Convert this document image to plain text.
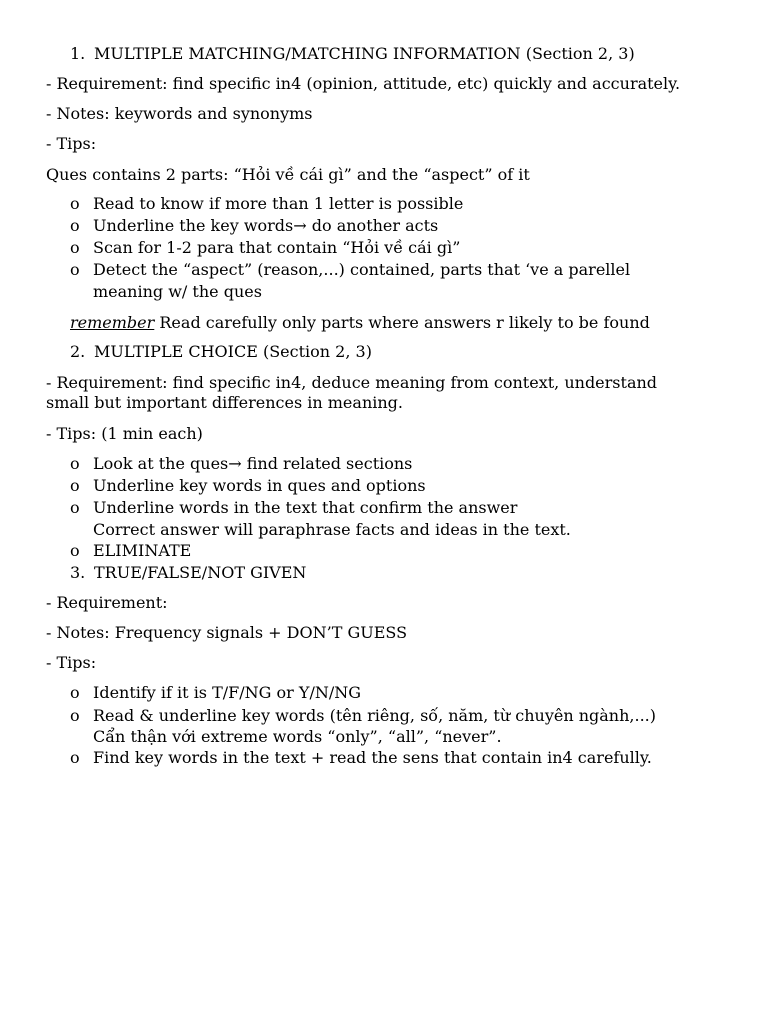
1. MULTIPLE MATCHING/MATCHING INFORMATION (Section 2, 3)
- Requirement: find specific in4 (opinion, attitude, etc) quickly and accurately.
- Notes: keywords and synonyms
- Tips:
Ques contains 2 parts: “Hỏi về cái gì” and the “aspect” of it
o Read to know if more than 1 letter is possible
o Underline the key words→ do another acts
o Scan for 1-2 para that contain “Hỏi về cái gì”
o Detect the “aspect” (reason,...) contained, parts that ‘ve a parellel
meaning w/ the ques
remember Read carefully only parts where answers r likely to be found
2. MULTIPLE CHOICE (Section 2, 3)
- Requirement: find specific in4, deduce meaning from context, understand
small but important differences in meaning.
- Tips: (1 min each)
o Look at the ques→ find related sections
o Underline key words in ques and options
o Underline words in the text that confirm the answer
Correct answer will paraphrase facts and ideas in the text.
o ELIMINATE
3. TRUE/FALSE/NOT GIVEN
- Requirement:
- Notes: Frequency signals + DON’T GUESS
- Tips:
o Identify if it is T/F/NG or Y/N/NG
o Read & underline key words (tên riêng, số, năm, từ chuyên ngành,...)
Cẩn thận với extreme words “only”, “all”, “never”.
o Find key words in the text + read the sens that contain in4 carefully.
